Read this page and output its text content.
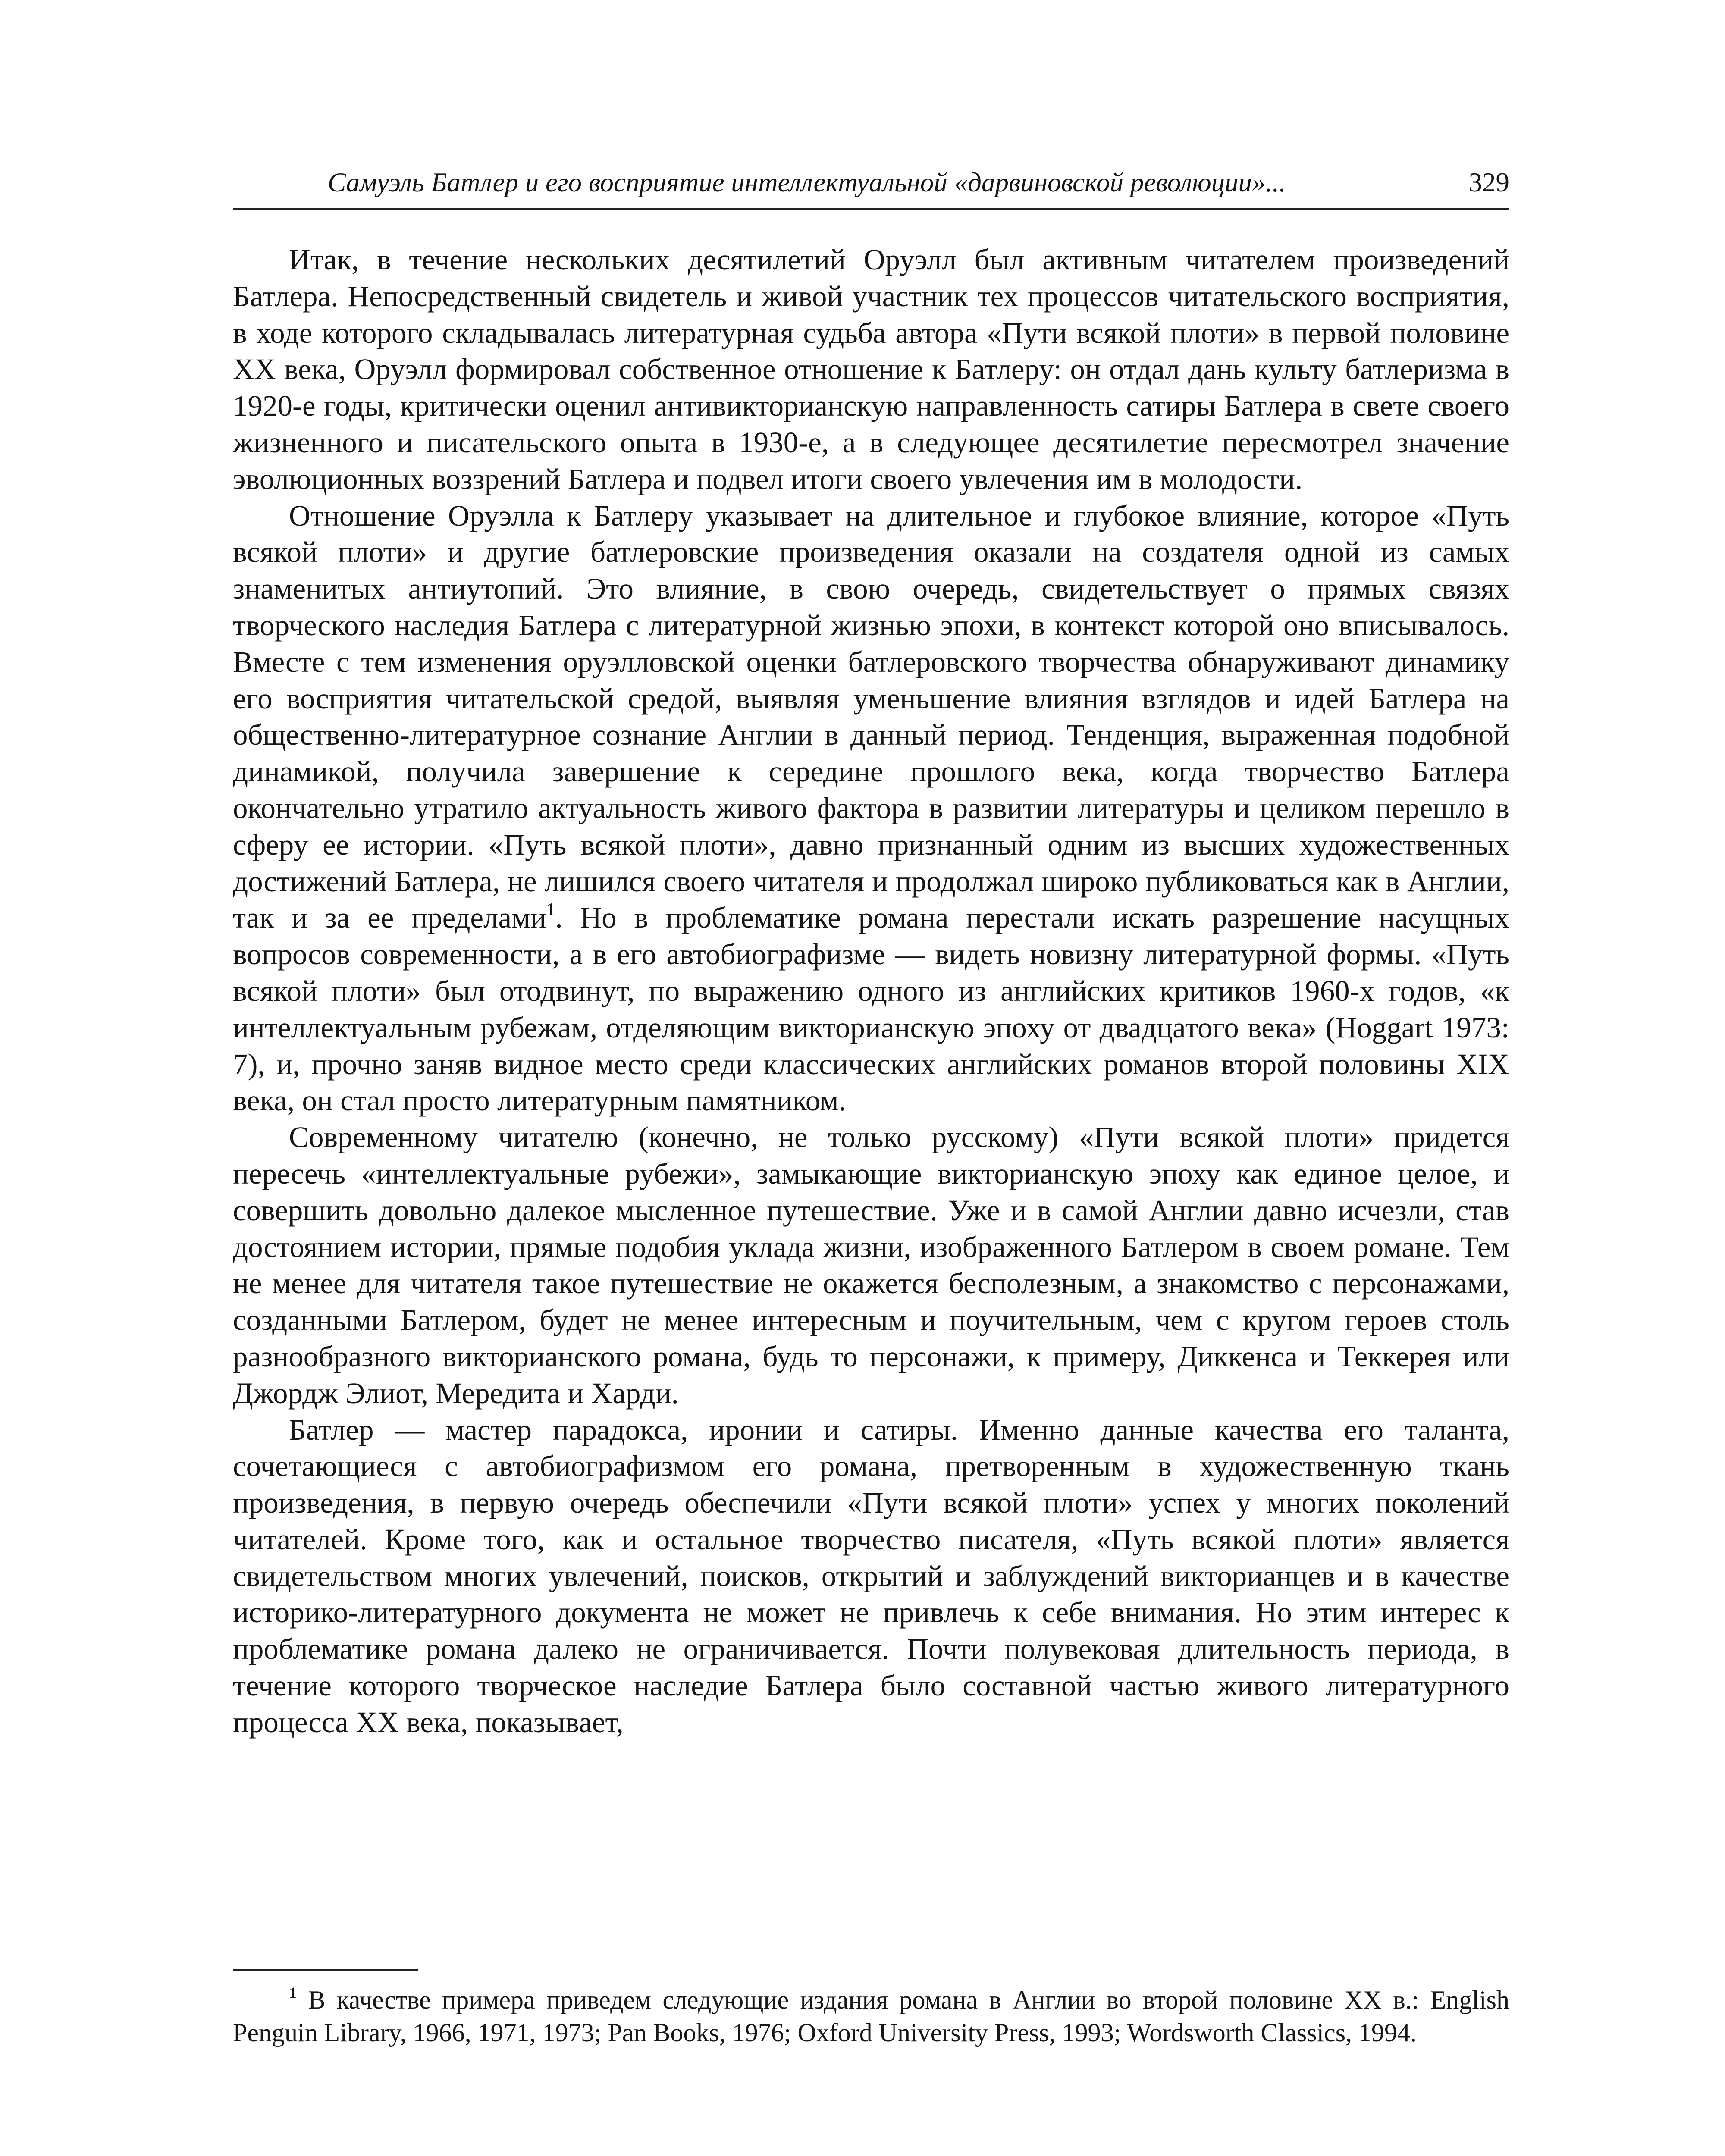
Самуэль Батлер и его восприятие интеллектуальной «дарвиновской революции»...	329

Итак, в течение нескольких десятилетий Оруэлл был активным читателем произведений Батлера. Непосредственный свидетель и живой участник тех процессов читательского восприятия, в ходе которого складывалась литературная судьба автора «Пути всякой плоти» в первой половине XX века, Оруэлл формировал собственное отношение к Батлеру: он отдал дань культу батлеризма в 1920-е годы, критически оценил антивикторианскую направленность сатиры Батлера в свете своего жизненного и писательского опыта в 1930-е, а в следующее десятилетие пересмотрел значение эволюционных воззрений Батлера и подвел итоги своего увлечения им в молодости.

Отношение Оруэлла к Батлеру указывает на длительное и глубокое влияние, которое «Путь всякой плоти» и другие батлеровские произведения оказали на создателя одной из самых знаменитых антиутопий. Это влияние, в свою очередь, свидетельствует о прямых связях творческого наследия Батлера с литературной жизнью эпохи, в контекст которой оно вписывалось. Вместе с тем изменения оруэлловской оценки батлеровского творчества обнаруживают динамику его восприятия читательской средой, выявляя уменьшение влияния взглядов и идей Батлера на общественно-литературное сознание Англии в данный период. Тенденция, выраженная подобной динамикой, получила завершение к середине прошлого века, когда творчество Батлера окончательно утратило актуальность живого фактора в развитии литературы и целиком перешло в сферу ее истории. «Путь всякой плоти», давно признанный одним из высших художественных достижений Батлера, не лишился своего читателя и продолжал широко публиковаться как в Англии, так и за ее пределами$^1$. Но в проблематике романа перестали искать разрешение насущных вопросов современности, а в его автобиографизме — видеть новизну литературной формы. «Путь всякой плоти» был отодвинут, по выражению одного из английских критиков 1960-х годов, «к интеллектуальным рубежам, отделяющим викторианскую эпоху от двадцатого века» (Hoggart 1973: 7), и, прочно заняв видное место среди классических английских романов второй половины XIX века, он стал просто литературным памятником.

Современному читателю (конечно, не только русскому) «Пути всякой плоти» придется пересечь «интеллектуальные рубежи», замыкающие викторианскую эпоху как единое целое, и совершить довольно далекое мысленное путешествие. Уже и в самой Англии давно исчезли, став достоянием истории, прямые подобия уклада жизни, изображенного Батлером в своем романе. Тем не менее для читателя такое путешествие не окажется бесполезным, а знакомство с персонажами, созданными Батлером, будет не менее интересным и поучительным, чем с кругом героев столь разнообразного викторианского романа, будь то персонажи, к примеру, Диккенса и Теккерея или Джордж Элиот, Мередита и Харди.

Батлер — мастер парадокса, иронии и сатиры. Именно данные качества его таланта, сочетающиеся с автобиографизмом его романа, претворенным в художественную ткань произведения, в первую очередь обеспечили «Пути всякой плоти» успех у многих поколений читателей. Кроме того, как и остальное творчество писателя, «Путь всякой плоти» является свидетельством многих увлечений, поисков, открытий и заблуждений викторианцев и в качестве историко-литературного документа не может не привлечь к себе внимания. Но этим интерес к проблематике романа далеко не ограничивается. Почти полувековая длительность периода, в течение которого творческое наследие Батлера было составной частью живого литературного процесса XX века, показывает,

$^1$ В качестве примера приведем следующие издания романа в Англии во второй половине XX в.: English Penguin Library, 1966, 1971, 1973; Pan Books, 1976; Oxford University Press, 1993; Wordsworth Classics, 1994.
